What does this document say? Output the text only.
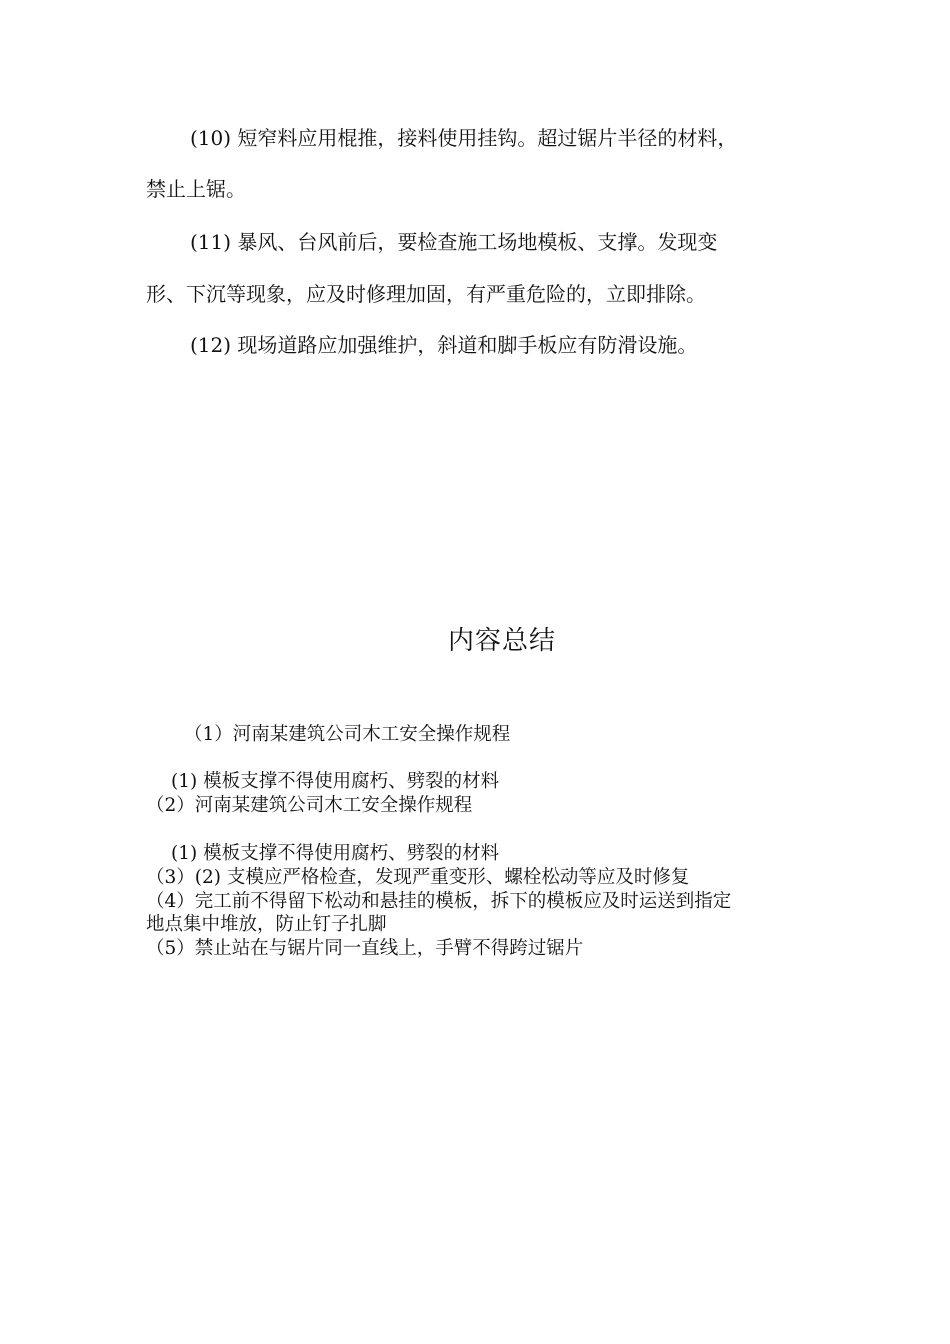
(10) 短窄料应用棍推，接料使用挂钩。超过锯片半径的材料，

禁止上锯。

(11) 暴风、台风前后，要检查施工场地模板、支撑。发现变

形、下沉等现象，应及时修理加固，有严重危险的，立即排除。

(12) 现场道路应加强维护，斜道和脚手板应有防滑设施。

内容总结

（1）河南某建筑公司木工安全操作规程

(1) 模板支撑不得使用腐朽、劈裂的材料

（2）河南某建筑公司木工安全操作规程

(1) 模板支撑不得使用腐朽、劈裂的材料

（3）(2) 支模应严格检查，发现严重变形、螺栓松动等应及时修复

（4）完工前不得留下松动和悬挂的模板，拆下的模板应及时运送到指定

地点集中堆放，防止钉子扎脚

（5）禁止站在与锯片同一直线上，手臂不得跨过锯片
